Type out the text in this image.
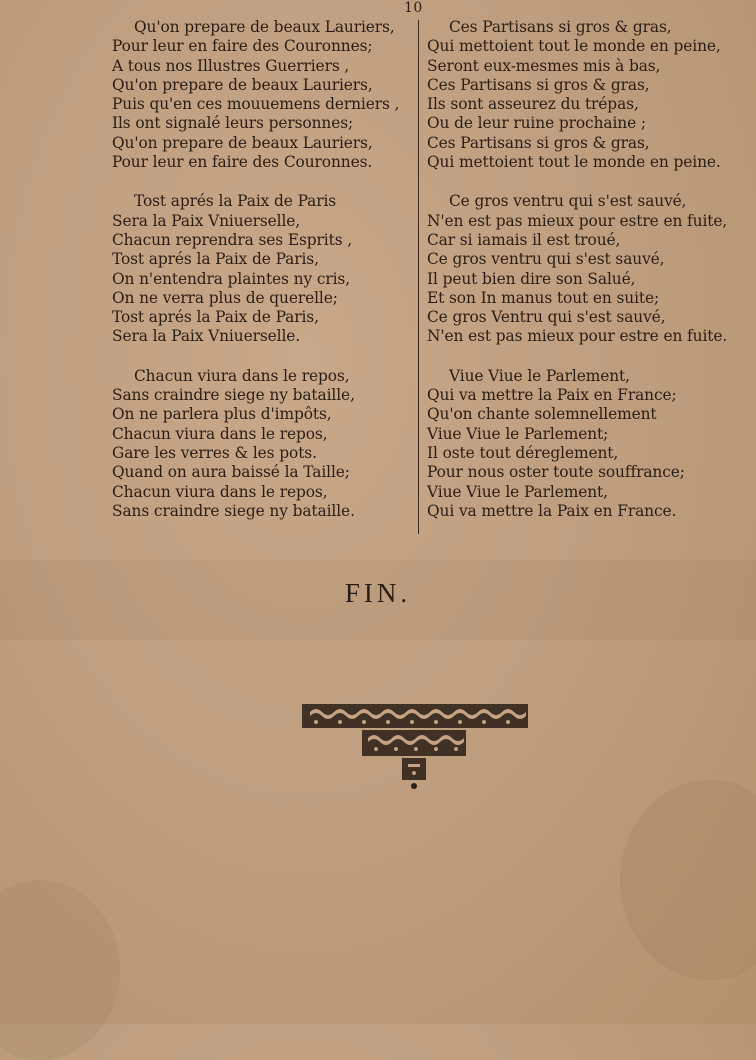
10
Qu'on prepare de beaux Lauriers,
Pour leur en faire des Couronnes;
A tous nos Illustres Guerriers ,
Qu'on prepare de beaux Lauriers,
Puis qu'en ces mouuemens derniers ,
Ils ont signalé leurs personnes;
Qu'on prepare de beaux Lauriers,
Pour leur en faire des Couronnes.
Tost aprés la Paix de Paris
Sera la Paix Vniuerselle,
Chacun reprendra ses Esprits ,
Tost aprés la Paix de Paris,
On n'entendra plaintes ny cris,
On ne verra plus de querelle;
Tost aprés la Paix de Paris,
Sera la Paix Vniuerselle.
Chacun viura dans le repos,
Sans craindre siege ny bataille,
On ne parlera plus d'impôts,
Chacun viura dans le repos,
Gare les verres & les pots.
Quand on aura baissé la Taille;
Chacun viura dans le repos,
Sans craindre siege ny bataille.
Ces Partisans si gros & gras,
Qui mettoient tout le monde en peine,
Seront eux-mesmes mis à bas,
Ces Partisans si gros & gras,
Ils sont asseurez du trépas,
Ou de leur ruine prochaine ;
Ces Partisans si gros & gras,
Qui mettoient tout le monde en peine.
Ce gros ventru qui s'est sauvé,
N'en est pas mieux pour estre en fuite,
Car si iamais il est troué,
Ce gros ventru qui s'est sauvé,
Il peut bien dire son Salué,
Et son In manus tout en suite;
Ce gros Ventru qui s'est sauvé,
N'en est pas mieux pour estre en fuite.
Viue Viue le Parlement,
Qui va mettre la Paix en France;
Qu'on chante solemnellement
Viue Viue le Parlement;
Il oste tout déreglement,
Pour nous oster toute souffrance;
Viue Viue le Parlement,
Qui va mettre la Paix en France.
FIN.
